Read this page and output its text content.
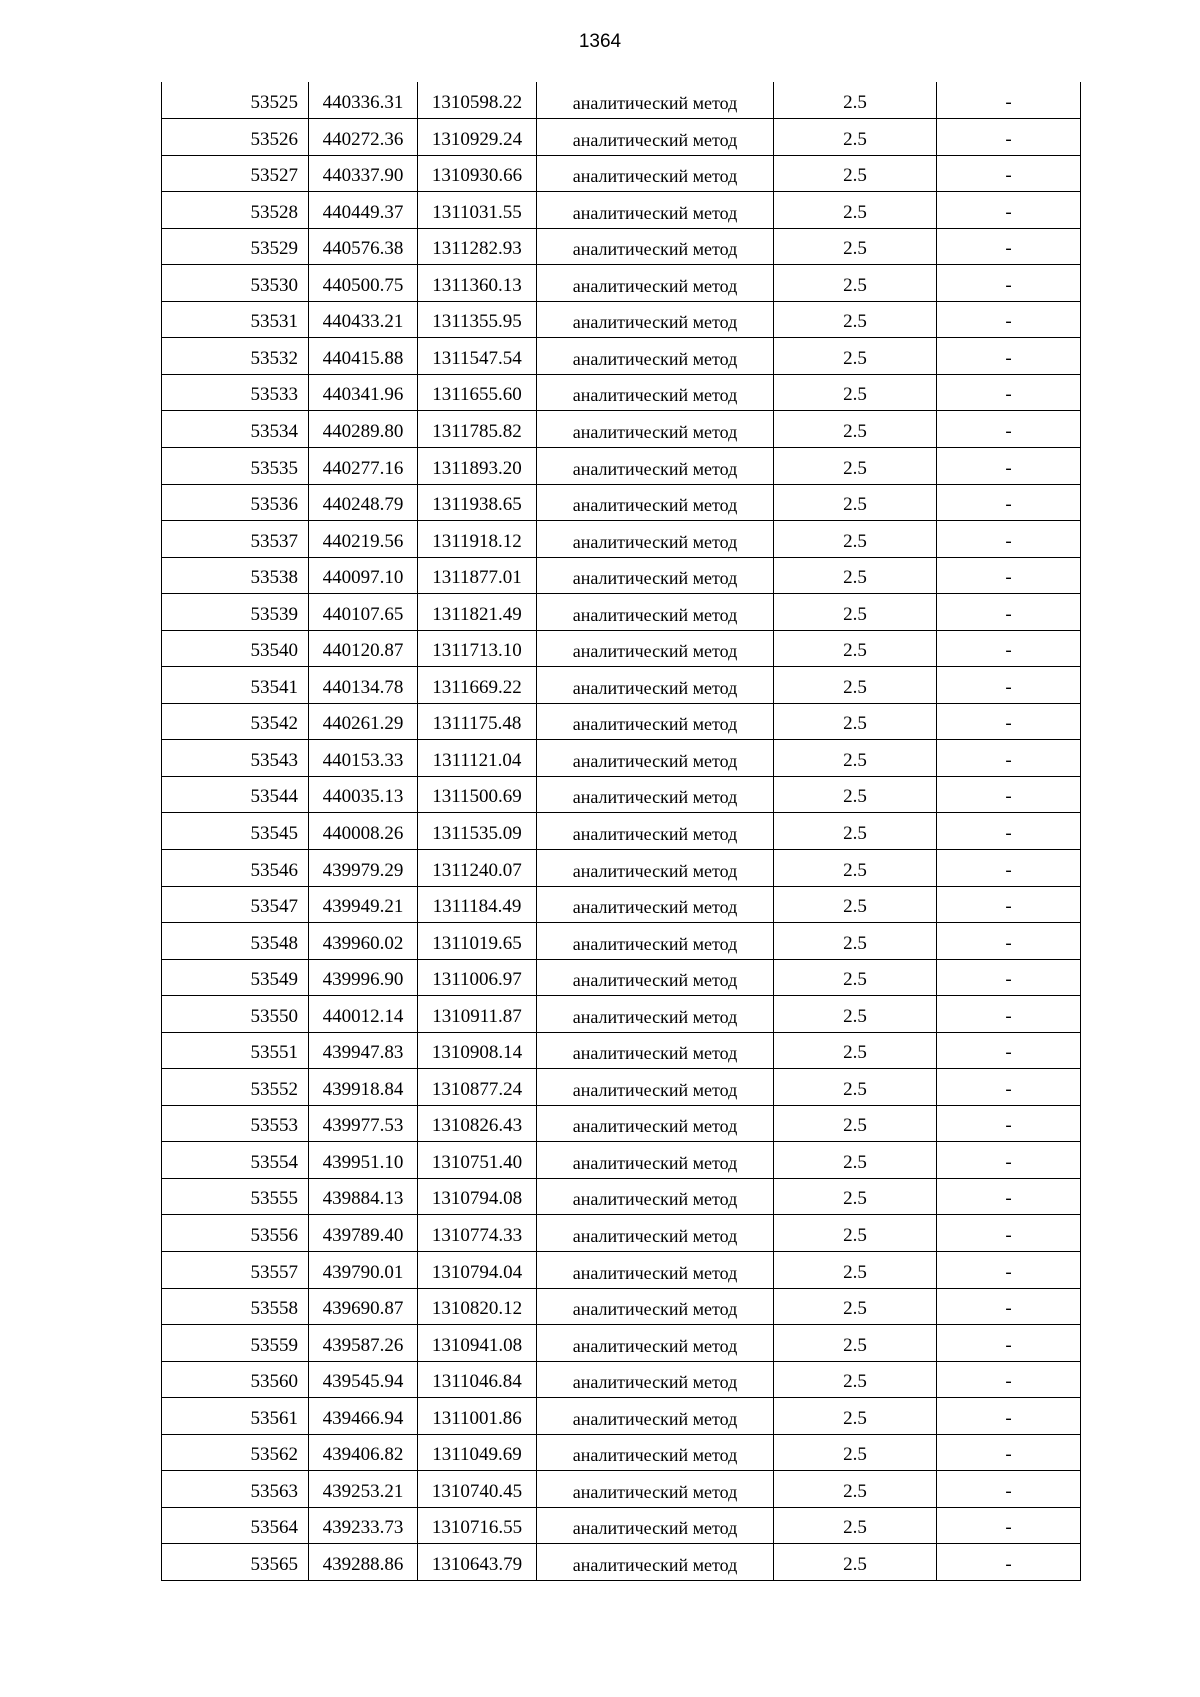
1364
53525	440336.31	1310598.22	аналитический метод	2.5	-
53526	440272.36	1310929.24	аналитический метод	2.5	-
53527	440337.90	1310930.66	аналитический метод	2.5	-
53528	440449.37	1311031.55	аналитический метод	2.5	-
53529	440576.38	1311282.93	аналитический метод	2.5	-
53530	440500.75	1311360.13	аналитический метод	2.5	-
53531	440433.21	1311355.95	аналитический метод	2.5	-
53532	440415.88	1311547.54	аналитический метод	2.5	-
53533	440341.96	1311655.60	аналитический метод	2.5	-
53534	440289.80	1311785.82	аналитический метод	2.5	-
53535	440277.16	1311893.20	аналитический метод	2.5	-
53536	440248.79	1311938.65	аналитический метод	2.5	-
53537	440219.56	1311918.12	аналитический метод	2.5	-
53538	440097.10	1311877.01	аналитический метод	2.5	-
53539	440107.65	1311821.49	аналитический метод	2.5	-
53540	440120.87	1311713.10	аналитический метод	2.5	-
53541	440134.78	1311669.22	аналитический метод	2.5	-
53542	440261.29	1311175.48	аналитический метод	2.5	-
53543	440153.33	1311121.04	аналитический метод	2.5	-
53544	440035.13	1311500.69	аналитический метод	2.5	-
53545	440008.26	1311535.09	аналитический метод	2.5	-
53546	439979.29	1311240.07	аналитический метод	2.5	-
53547	439949.21	1311184.49	аналитический метод	2.5	-
53548	439960.02	1311019.65	аналитический метод	2.5	-
53549	439996.90	1311006.97	аналитический метод	2.5	-
53550	440012.14	1310911.87	аналитический метод	2.5	-
53551	439947.83	1310908.14	аналитический метод	2.5	-
53552	439918.84	1310877.24	аналитический метод	2.5	-
53553	439977.53	1310826.43	аналитический метод	2.5	-
53554	439951.10	1310751.40	аналитический метод	2.5	-
53555	439884.13	1310794.08	аналитический метод	2.5	-
53556	439789.40	1310774.33	аналитический метод	2.5	-
53557	439790.01	1310794.04	аналитический метод	2.5	-
53558	439690.87	1310820.12	аналитический метод	2.5	-
53559	439587.26	1310941.08	аналитический метод	2.5	-
53560	439545.94	1311046.84	аналитический метод	2.5	-
53561	439466.94	1311001.86	аналитический метод	2.5	-
53562	439406.82	1311049.69	аналитический метод	2.5	-
53563	439253.21	1310740.45	аналитический метод	2.5	-
53564	439233.73	1310716.55	аналитический метод	2.5	-
53565	439288.86	1310643.79	аналитический метод	2.5	-
